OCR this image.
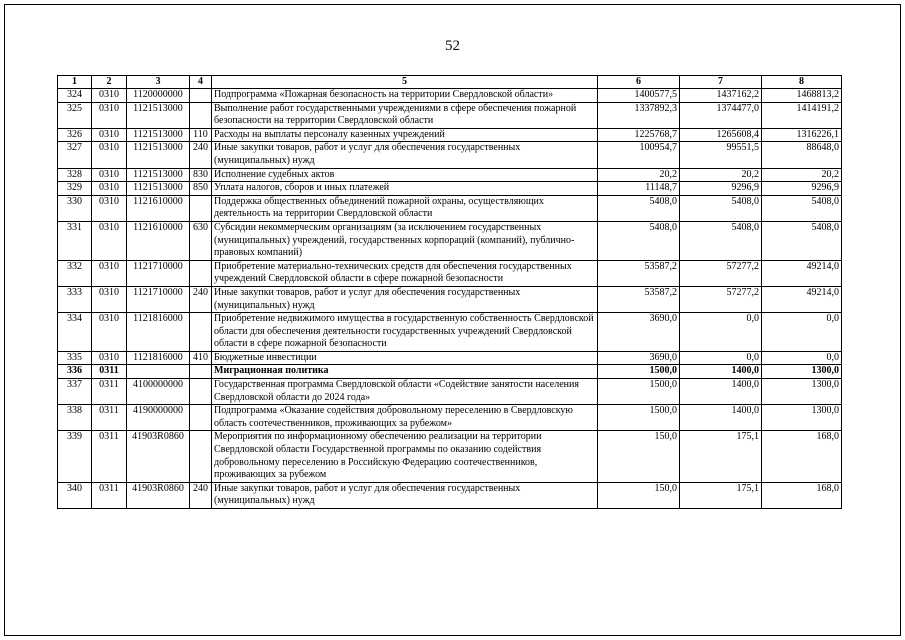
52
1	2	3	4	5	6	7	8
324	0310	1120000000		Подпрограмма «Пожарная безопасность на территории Свердловской области»	1400577,5	1437162,2	1468813,2
325	0310	1121513000		Выполнение работ государственными учреждениями в сфере обеспечения пожарной безопасности на территории Свердловской области	1337892,3	1374477,0	1414191,2
326	0310	1121513000	110	Расходы на выплаты персоналу казенных учреждений	1225768,7	1265608,4	1316226,1
327	0310	1121513000	240	Иные закупки товаров, работ и услуг для обеспечения государственных (муниципальных) нужд	100954,7	99551,5	88648,0
328	0310	1121513000	830	Исполнение судебных актов	20,2	20,2	20,2
329	0310	1121513000	850	Уплата налогов, сборов и иных платежей	11148,7	9296,9	9296,9
330	0310	1121610000		Поддержка общественных объединений пожарной охраны, осуществляющих деятельность на территории Свердловской области	5408,0	5408,0	5408,0
331	0310	1121610000	630	Субсидии некоммерческим организациям (за исключением государственных (муниципальных) учреждений, государственных корпораций (компаний), публично-правовых компаний)	5408,0	5408,0	5408,0
332	0310	1121710000		Приобретение материально-технических средств для обеспечения государственных учреждений Свердловской области в сфере пожарной безопасности	53587,2	57277,2	49214,0
333	0310	1121710000	240	Иные закупки товаров, работ и услуг для обеспечения государственных (муниципальных) нужд	53587,2	57277,2	49214,0
334	0310	1121816000		Приобретение недвижимого имущества в государственную собственность Свердловской области для обеспечения деятельности государственных учреждений Свердловской области в сфере пожарной безопасности	3690,0	0,0	0,0
335	0310	1121816000	410	Бюджетные инвестиции	3690,0	0,0	0,0
336	0311			Миграционная политика	1500,0	1400,0	1300,0
337	0311	4100000000		Государственная программа Свердловской области «Содействие занятости населения Свердловской области до 2024 года»	1500,0	1400,0	1300,0
338	0311	4190000000		Подпрограмма «Оказание содействия добровольному переселению в Свердловскую область соотечественников, проживающих за рубежом»	1500,0	1400,0	1300,0
339	0311	41903R0860		Мероприятия по информационному обеспечению реализации на территории Свердловской области Государственной программы по оказанию содействия добровольному переселению в Российскую Федерацию соотечественников, проживающих за рубежом	150,0	175,1	168,0
340	0311	41903R0860	240	Иные закупки товаров, работ и услуг для обеспечения государственных (муниципальных) нужд	150,0	175,1	168,0
